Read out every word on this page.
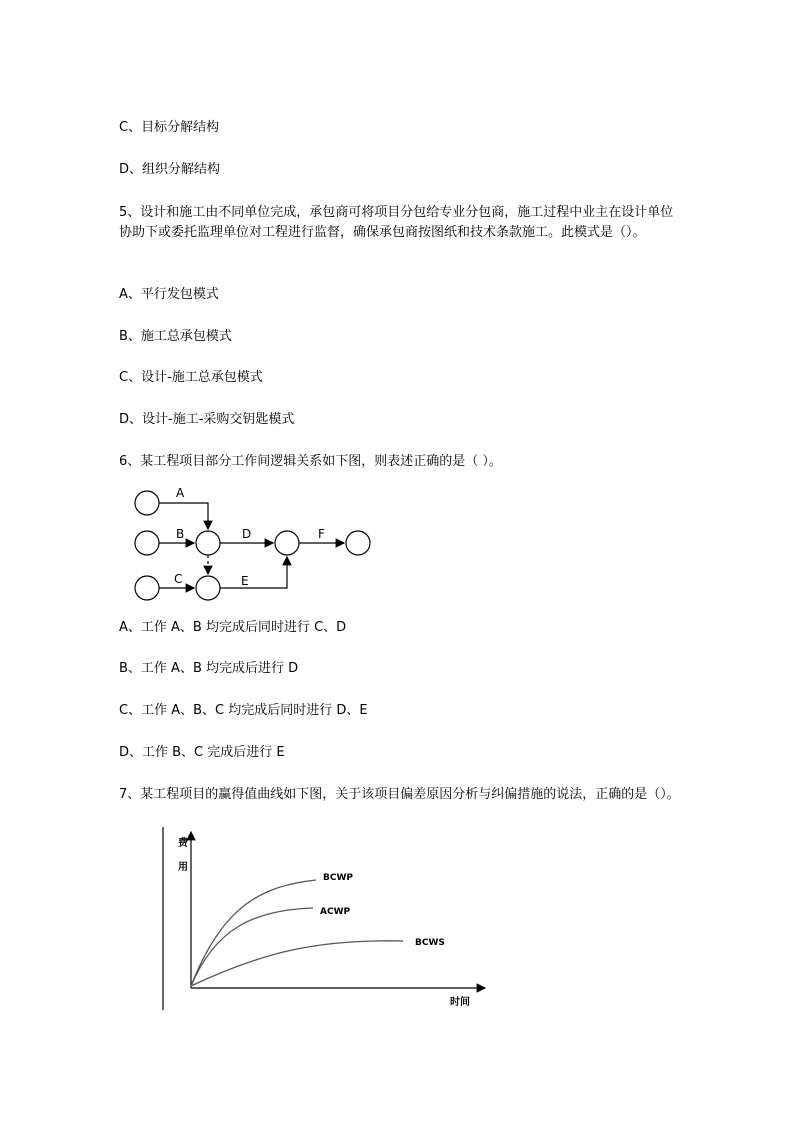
C、目标分解结构

D、组织分解结构

5、设计和施工由不同单位完成，承包商可将项目分包给专业分包商，施工过程中业主在设计单位协助下或委托监理单位对工程进行监督，确保承包商按图纸和技术条款施工。此模式是（）。

A、平行发包模式

B、施工总承包模式

C、设计-施工总承包模式

D、设计-施工-采购交钥匙模式

6、某工程项目部分工作间逻辑关系如下图，则表述正确的是（ ）。

A
B
C
D
E
F

A、工作 A、B 均完成后同时进行 C、D

B、工作 A、B 均完成后进行 D

C、工作 A、B、C 均完成后同时进行 D、E

D、工作 B、C 完成后进行 E

7、某工程项目的赢得值曲线如下图，关于该项目偏差原因分析与纠偏措施的说法，正确的是（）。

费
用
时间
BCWP
ACWP
BCWS
